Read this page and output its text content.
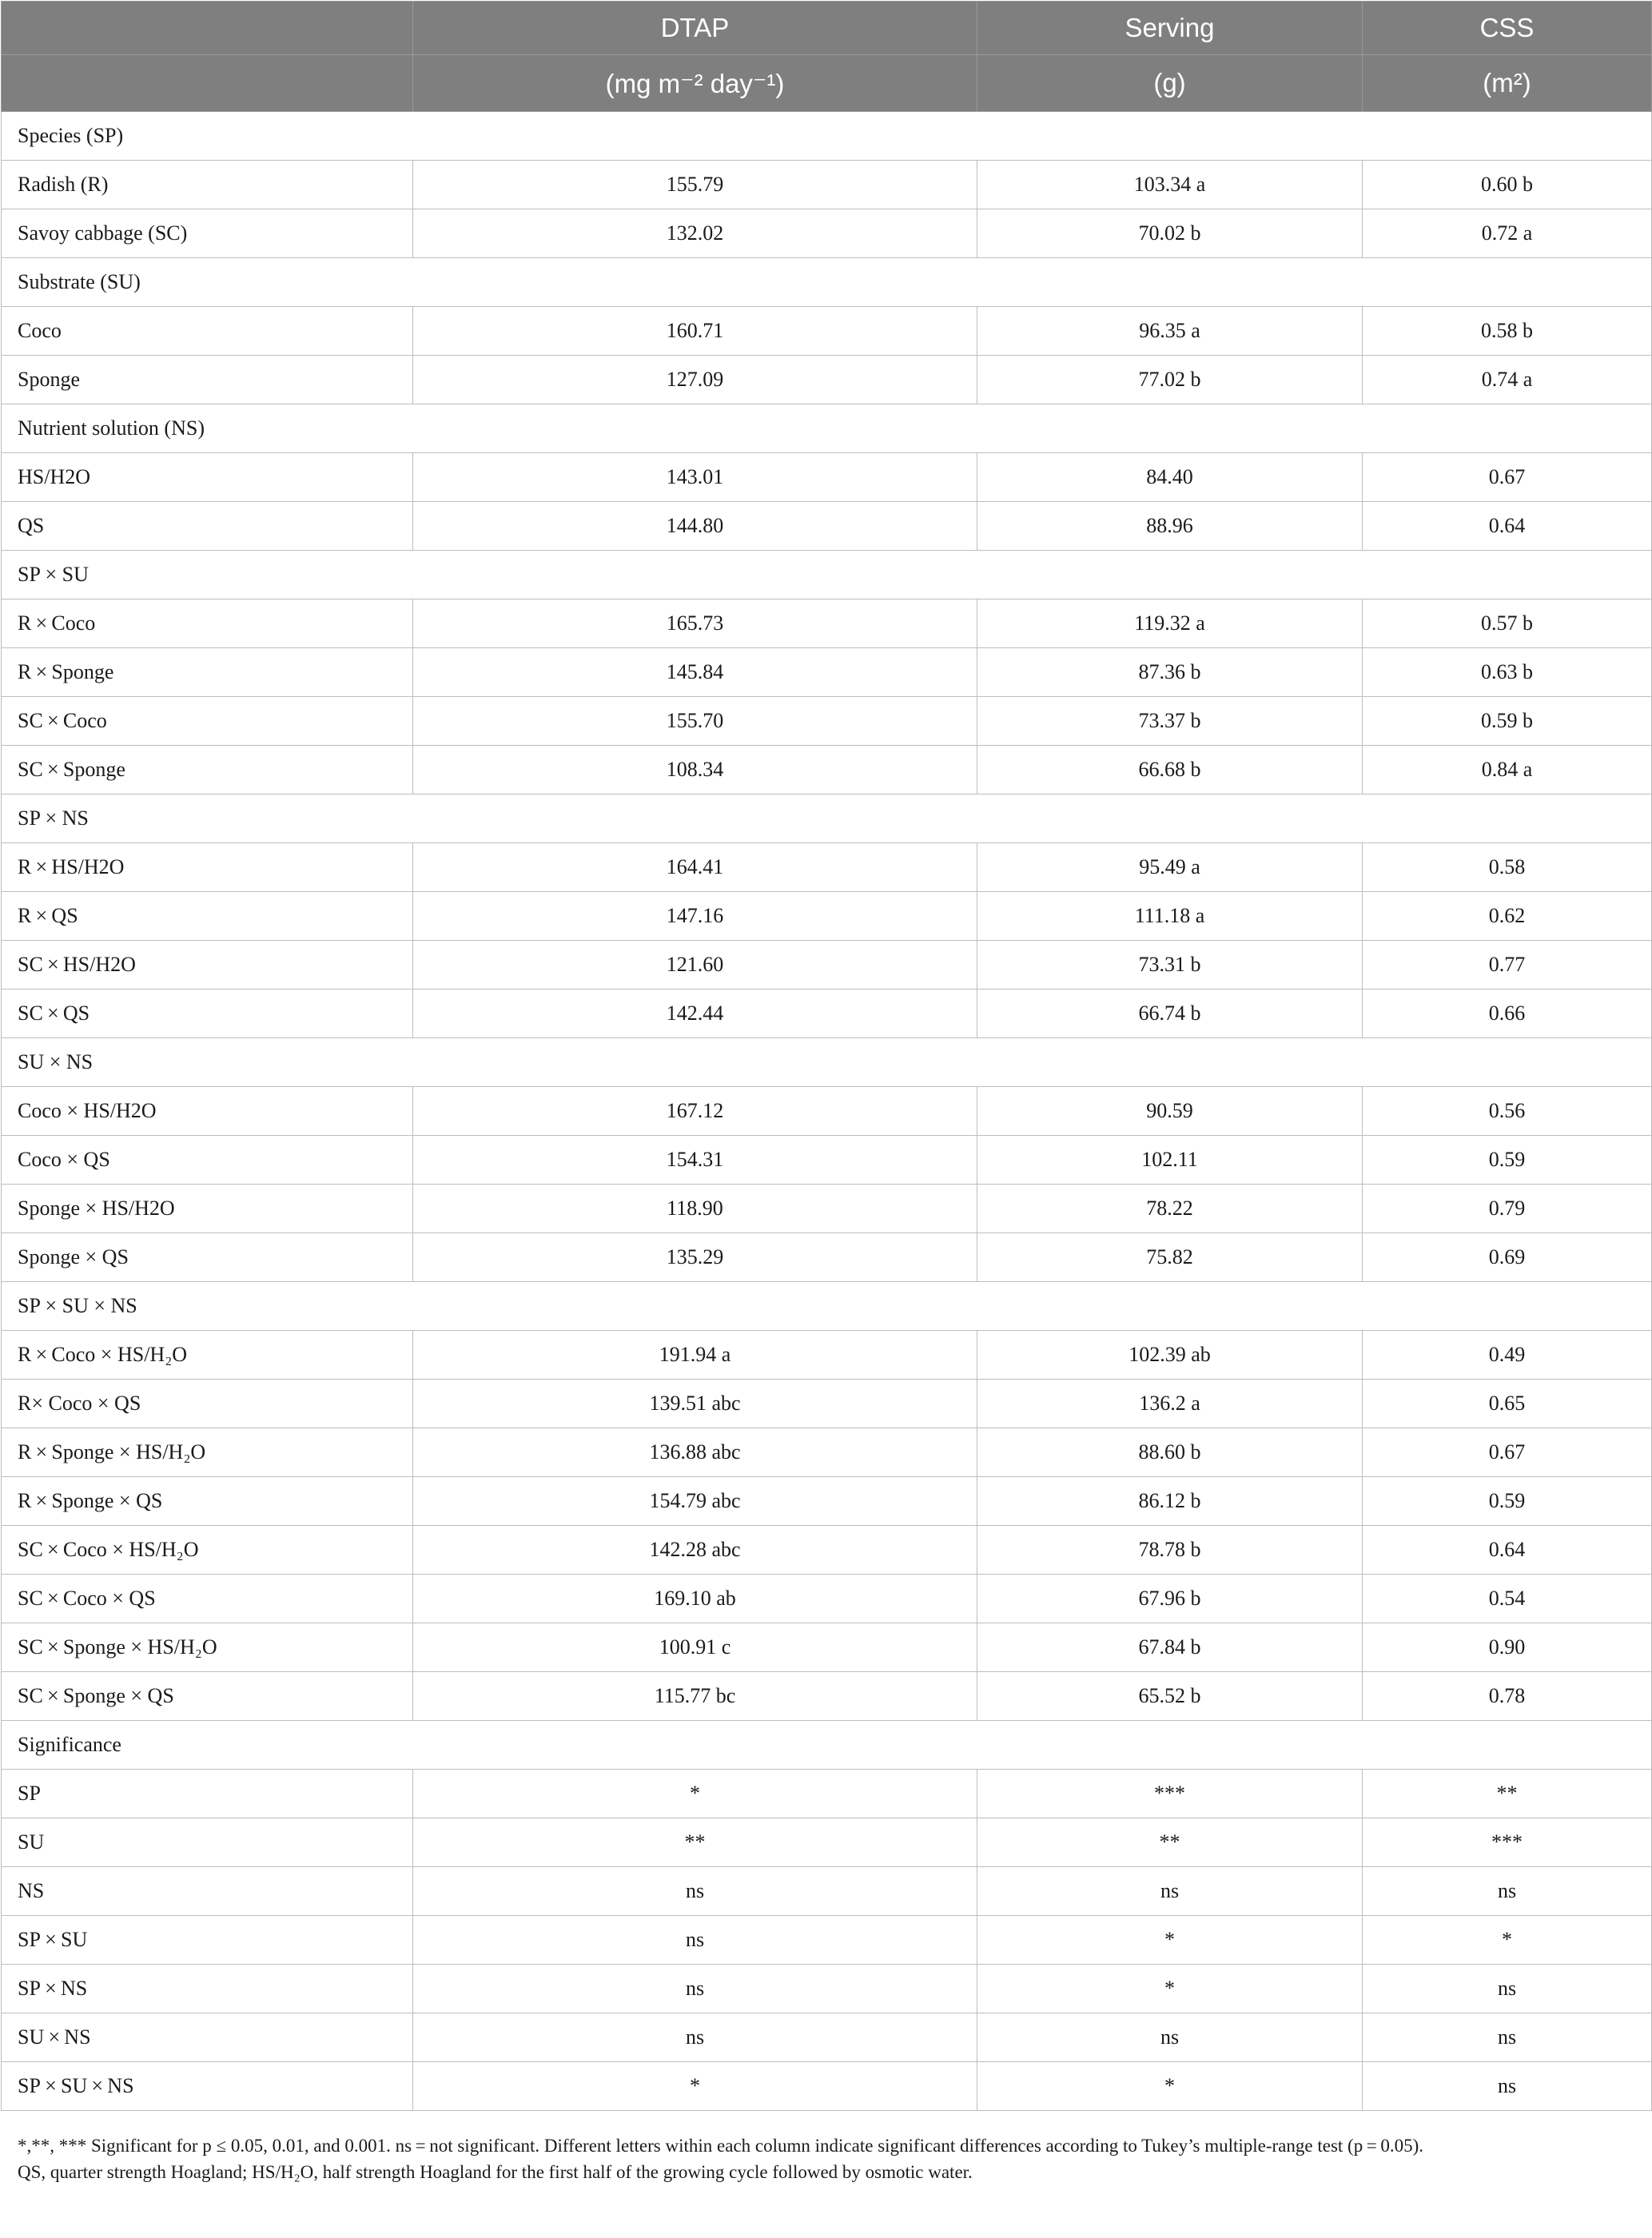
	DTAP	Serving	CSS
	(mg m⁻² day⁻¹)	(g)	(m²)
Species (SP)			
Radish (R)	155.79	103.34 a	0.60 b
Savoy cabbage (SC)	132.02	70.02 b	0.72 a
Substrate (SU)			
Coco	160.71	96.35 a	0.58 b
Sponge	127.09	77.02 b	0.74 a
Nutrient solution (NS)			
HS/H2O	143.01	84.40	0.67
QS	144.80	88.96	0.64
SP × SU			
R × Coco	165.73	119.32 a	0.57 b
R × Sponge	145.84	87.36 b	0.63 b
SC × Coco	155.70	73.37 b	0.59 b
SC × Sponge	108.34	66.68 b	0.84 a
SP × NS			
R × HS/H2O	164.41	95.49 a	0.58
R × QS	147.16	111.18 a	0.62
SC × HS/H2O	121.60	73.31 b	0.77
SC × QS	142.44	66.74 b	0.66
SU × NS			
Coco × HS/H2O	167.12	90.59	0.56
Coco × QS	154.31	102.11	0.59
Sponge × HS/H2O	118.90	78.22	0.79
Sponge × QS	135.29	75.82	0.69
SP × SU × NS			
R × Coco × HS/H₂O	191.94 a	102.39 ab	0.49
R× Coco × QS	139.51 abc	136.2 a	0.65
R × Sponge × HS/H₂O	136.88 abc	88.60 b	0.67
R × Sponge × QS	154.79 abc	86.12 b	0.59
SC × Coco × HS/H₂O	142.28 abc	78.78 b	0.64
SC × Coco × QS	169.10 ab	67.96 b	0.54
SC × Sponge × HS/H₂O	100.91 c	67.84 b	0.90
SC × Sponge × QS	115.77 bc	65.52 b	0.78
Significance			
SP	*	***	**
SU	**	**	***
NS	ns	ns	ns
SP × SU	ns	*	*
SP × NS	ns	*	ns
SU × NS	ns	ns	ns
SP × SU × NS	*	*	ns

*,**, *** Significant for p ≤ 0.05, 0.01, and 0.001. ns = not significant. Different letters within each column indicate significant differences according to Tukey’s multiple-range test (p = 0.05).

QS, quarter strength Hoagland; HS/H₂O, half strength Hoagland for the first half of the growing cycle followed by osmotic water.
